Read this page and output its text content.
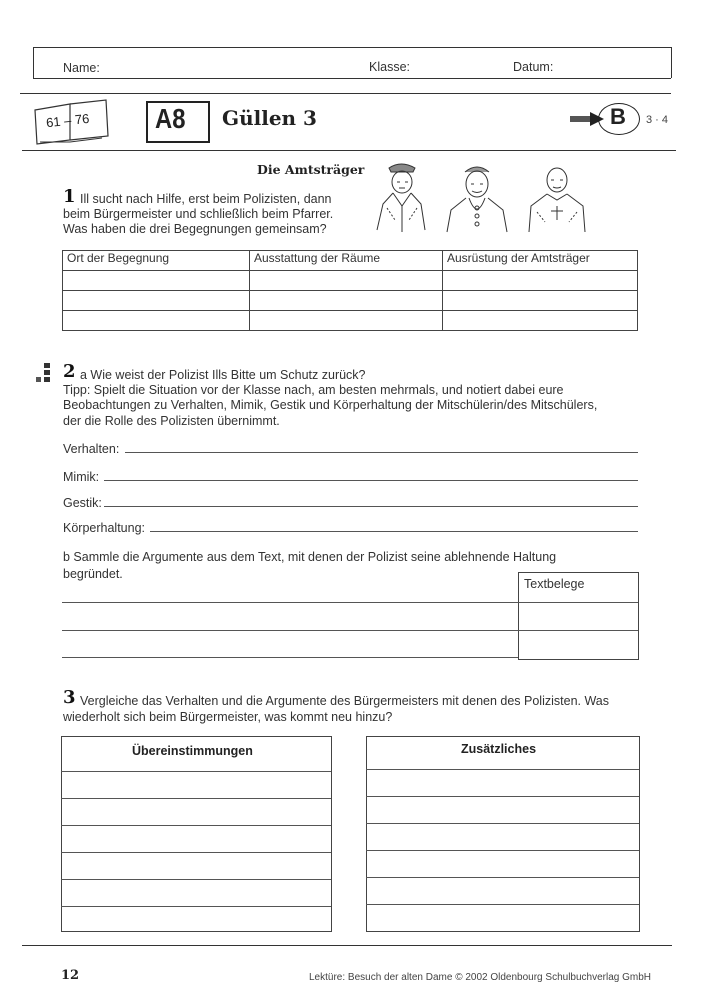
Name:	Klasse:	Datum:
61 – 76 A8 Güllen 3	B 3 · 4
Die Amtsträger
1 Ill sucht nach Hilfe, erst beim Polizisten, dann
beim Bürgermeister und schließlich beim Pfarrer.
Was haben die drei Begegnungen gemeinsam?
Ort der Begegnung	Ausstattung der Räume	Ausrüstung der Amtsträger

2 a Wie weist der Polizist Ills Bitte um Schutz zurück?
Tipp: Spielt die Situation vor der Klasse nach, am besten mehrmals, und notiert dabei eure
Beobachtungen zu Verhalten, Mimik, Gestik und Körperhaltung der Mitschülerin/des Mitschülers,
der die Rolle des Polizisten übernimmt.
Verhalten:
Mimik:
Gestik:
Körperhaltung:
b Sammle die Argumente aus dem Text, mit denen der Polizist seine ablehnende Haltung
begründet.
Textbelege
3 Vergleiche das Verhalten und die Argumente des Bürgermeisters mit denen des Polizisten. Was
wiederholt sich beim Bürgermeister, was kommt neu hinzu?
Übereinstimmungen	Zusätzliches
12	Lektüre: Besuch der alten Dame © 2002 Oldenbourg Schulbuchverlag GmbH
